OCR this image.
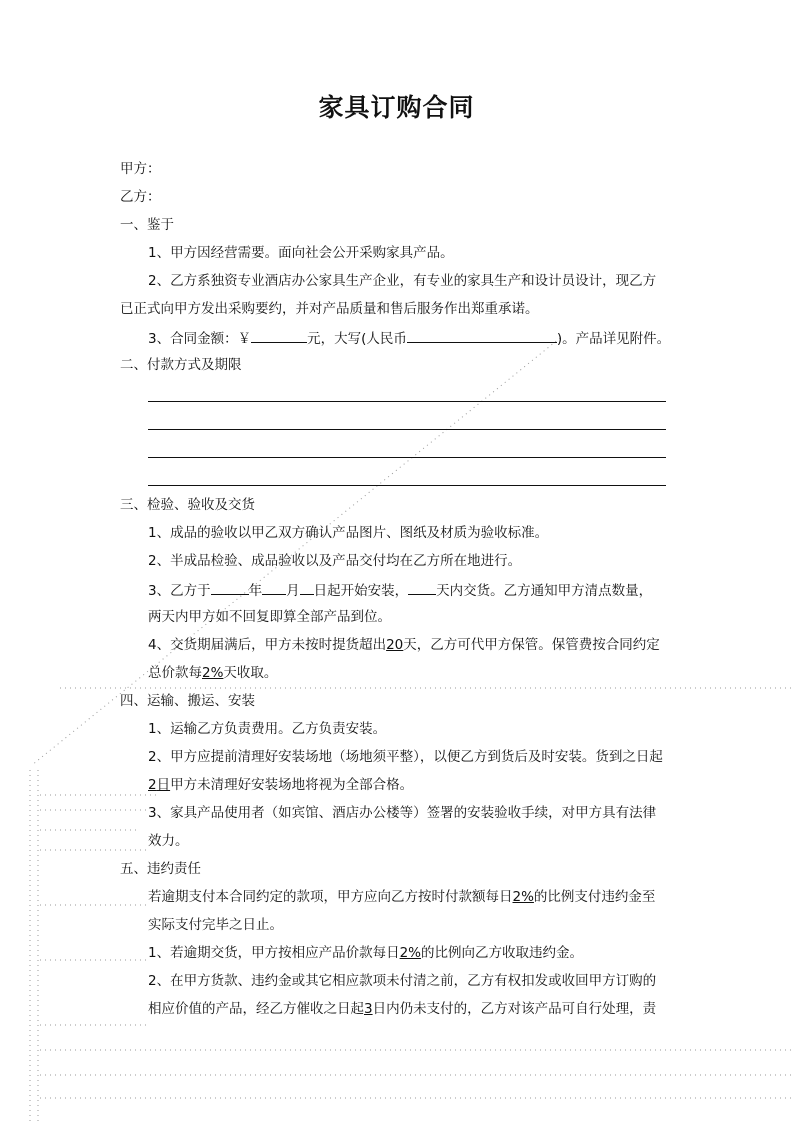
家具订购合同
甲方：
乙方：
一、鉴于
1、甲方因经营需要。面向社会公开采购家具产品。
2、乙方系独资专业酒店办公家具生产企业，有专业的家具生产和设计员设计，现乙方
已正式向甲方发出采购要约，并对产品质量和售后服务作出郑重承诺。
3、合同金额：￥	元，大写(人民币	)。产品详见附件。
二、付款方式及期限
三、检验、验收及交货
1、成品的验收以甲乙双方确认产品图片、图纸及材质为验收标准。
2、半成品检验、成品验收以及产品交付均在乙方所在地进行。
3、乙方于	年 月 日起开始安装， 天内交货。乙方通知甲方清点数量，
两天内甲方如不回复即算全部产品到位。
4、交货期届满后，甲方未按时提货超出20天，乙方可代甲方保管。保管费按合同约定
总价款每2%天收取。
四、运输、搬运、安装
1、运输乙方负责费用。乙方负责安装。
2、甲方应提前清理好安装场地（场地须平整），以便乙方到货后及时安装。货到之日起
2日甲方未清理好安装场地将视为全部合格。
3、家具产品使用者（如宾馆、酒店办公楼等）签署的安装验收手续，对甲方具有法律
效力。
五、违约责任
若逾期支付本合同约定的款项，甲方应向乙方按时付款额每日2%的比例支付违约金至
实际支付完毕之日止。
1、若逾期交货，甲方按相应产品价款每日2%的比例向乙方收取违约金。
2、在甲方货款、违约金或其它相应款项未付清之前，乙方有权扣发或收回甲方订购的
相应价值的产品，经乙方催收之日起3日内仍未支付的，乙方对该产品可自行处理，责
